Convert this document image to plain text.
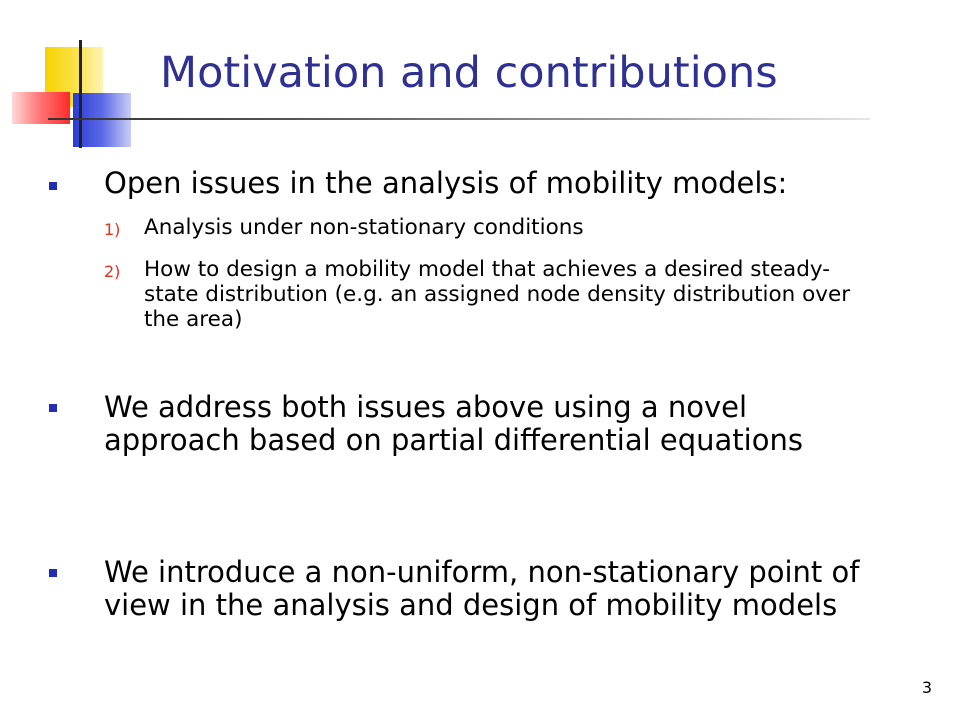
Motivation and contributions

Open issues in the analysis of mobility models:

1) Analysis under non-stationary conditions

2) How to design a mobility model that achieves a desired steady-state distribution (e.g. an assigned node density distribution over the area)

We address both issues above using a novel approach based on partial differential equations

We introduce a non-uniform, non-stationary point of view in the analysis and design of mobility models

3
